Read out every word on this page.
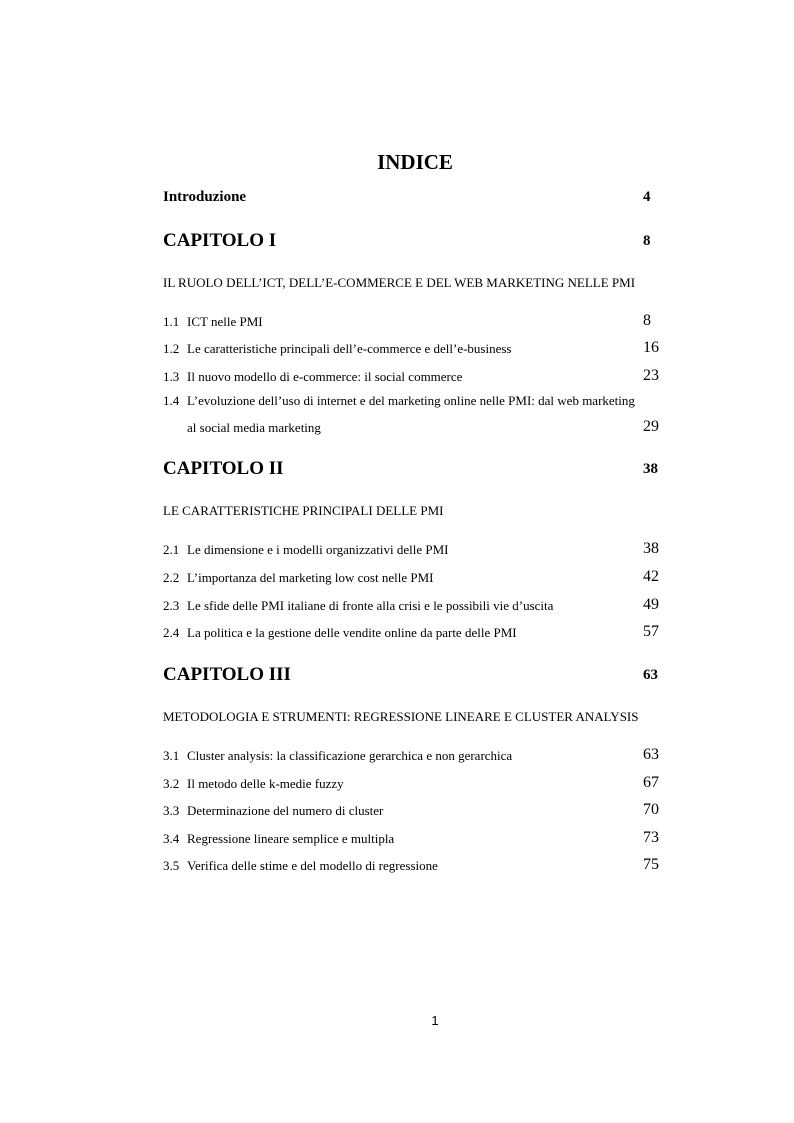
INDICE
Introduzione	4
CAPITOLO I	8
IL RUOLO DELL’ICT, DELL’E-COMMERCE E DEL WEB MARKETING NELLE PMI
1.1 ICT nelle PMI	8
1.2 Le caratteristiche principali dell’e-commerce e dell’e-business	16
1.3 Il nuovo modello di e-commerce: il social commerce	23
1.4 L’evoluzione dell’uso di internet e del marketing online nelle PMI: dal web marketing
al social media marketing	29
CAPITOLO II	38
LE CARATTERISTICHE PRINCIPALI DELLE PMI
2.1 Le dimensione e i modelli organizzativi delle PMI	38
2.2 L’importanza del marketing low cost nelle PMI	42
2.3 Le sfide delle PMI italiane di fronte alla crisi e le possibili vie d’uscita	49
2.4 La politica e la gestione delle vendite online da parte delle PMI	57
CAPITOLO III	63
METODOLOGIA E STRUMENTI: REGRESSIONE LINEARE E CLUSTER ANALYSIS
3.1 Cluster analysis: la classificazione gerarchica e non gerarchica	63
3.2 Il metodo delle k-medie fuzzy	67
3.3 Determinazione del numero di cluster	70
3.4 Regressione lineare semplice e multipla	73
3.5 Verifica delle stime e del modello di regressione	75
1
